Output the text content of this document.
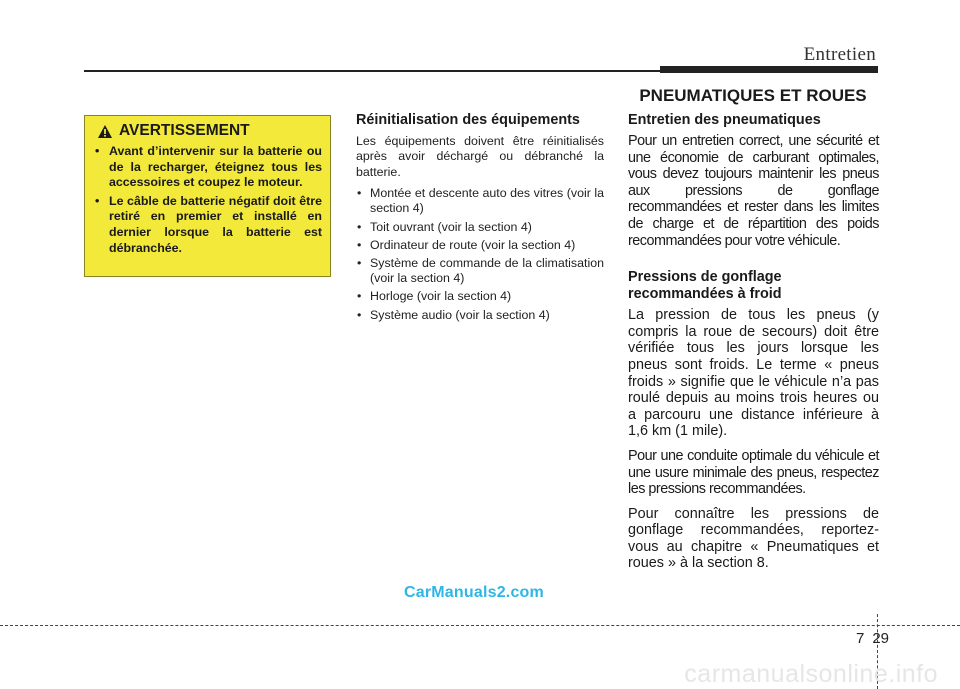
Entretien
PNEUMATIQUES ET ROUES
AVERTISSEMENT
• Avant d’intervenir sur la batterie ou de la recharger, éteignez tous les accessoires et coupez le moteur.
• Le câble de batterie négatif doit être retiré en premier et installé en dernier lorsque la batterie est débranchée.
Réinitialisation des équipements

Les équipements doivent être réinitialisés après avoir déchargé ou débranché la batterie.

• Montée et descente auto des vitres (voir la section 4)
• Toit ouvrant (voir la section 4)
• Ordinateur de route (voir la section 4)
• Système de commande de la climatisation (voir la section 4)
• Horloge (voir la section 4)
• Système audio (voir la section 4)
Entretien des pneumatiques

Pour un entretien correct, une sécurité et une économie de carburant optimales, vous devez toujours maintenir les pneus aux pressions de gonflage recommandées et rester dans les limites de charge et de répartition des poids recommandées pour votre véhicule.

Pressions de gonflage
recommandées à froid

La pression de tous les pneus (y compris la roue de secours) doit être vérifiée tous les jours lorsque les pneus sont froids. Le terme « pneus froids » signifie que le véhicule n’a pas roulé depuis au moins trois heures ou a parcouru une distance inférieure à 1,6 km (1 mile).

Pour une conduite optimale du véhicule et une usure minimale des pneus, respectez les pressions recommandées.

Pour connaître les pressions de gonflage recommandées, reportez-vous au chapitre « Pneumatiques et roues » à la section 8.

CarManuals2.com
7 29
carmanualsonline.info
